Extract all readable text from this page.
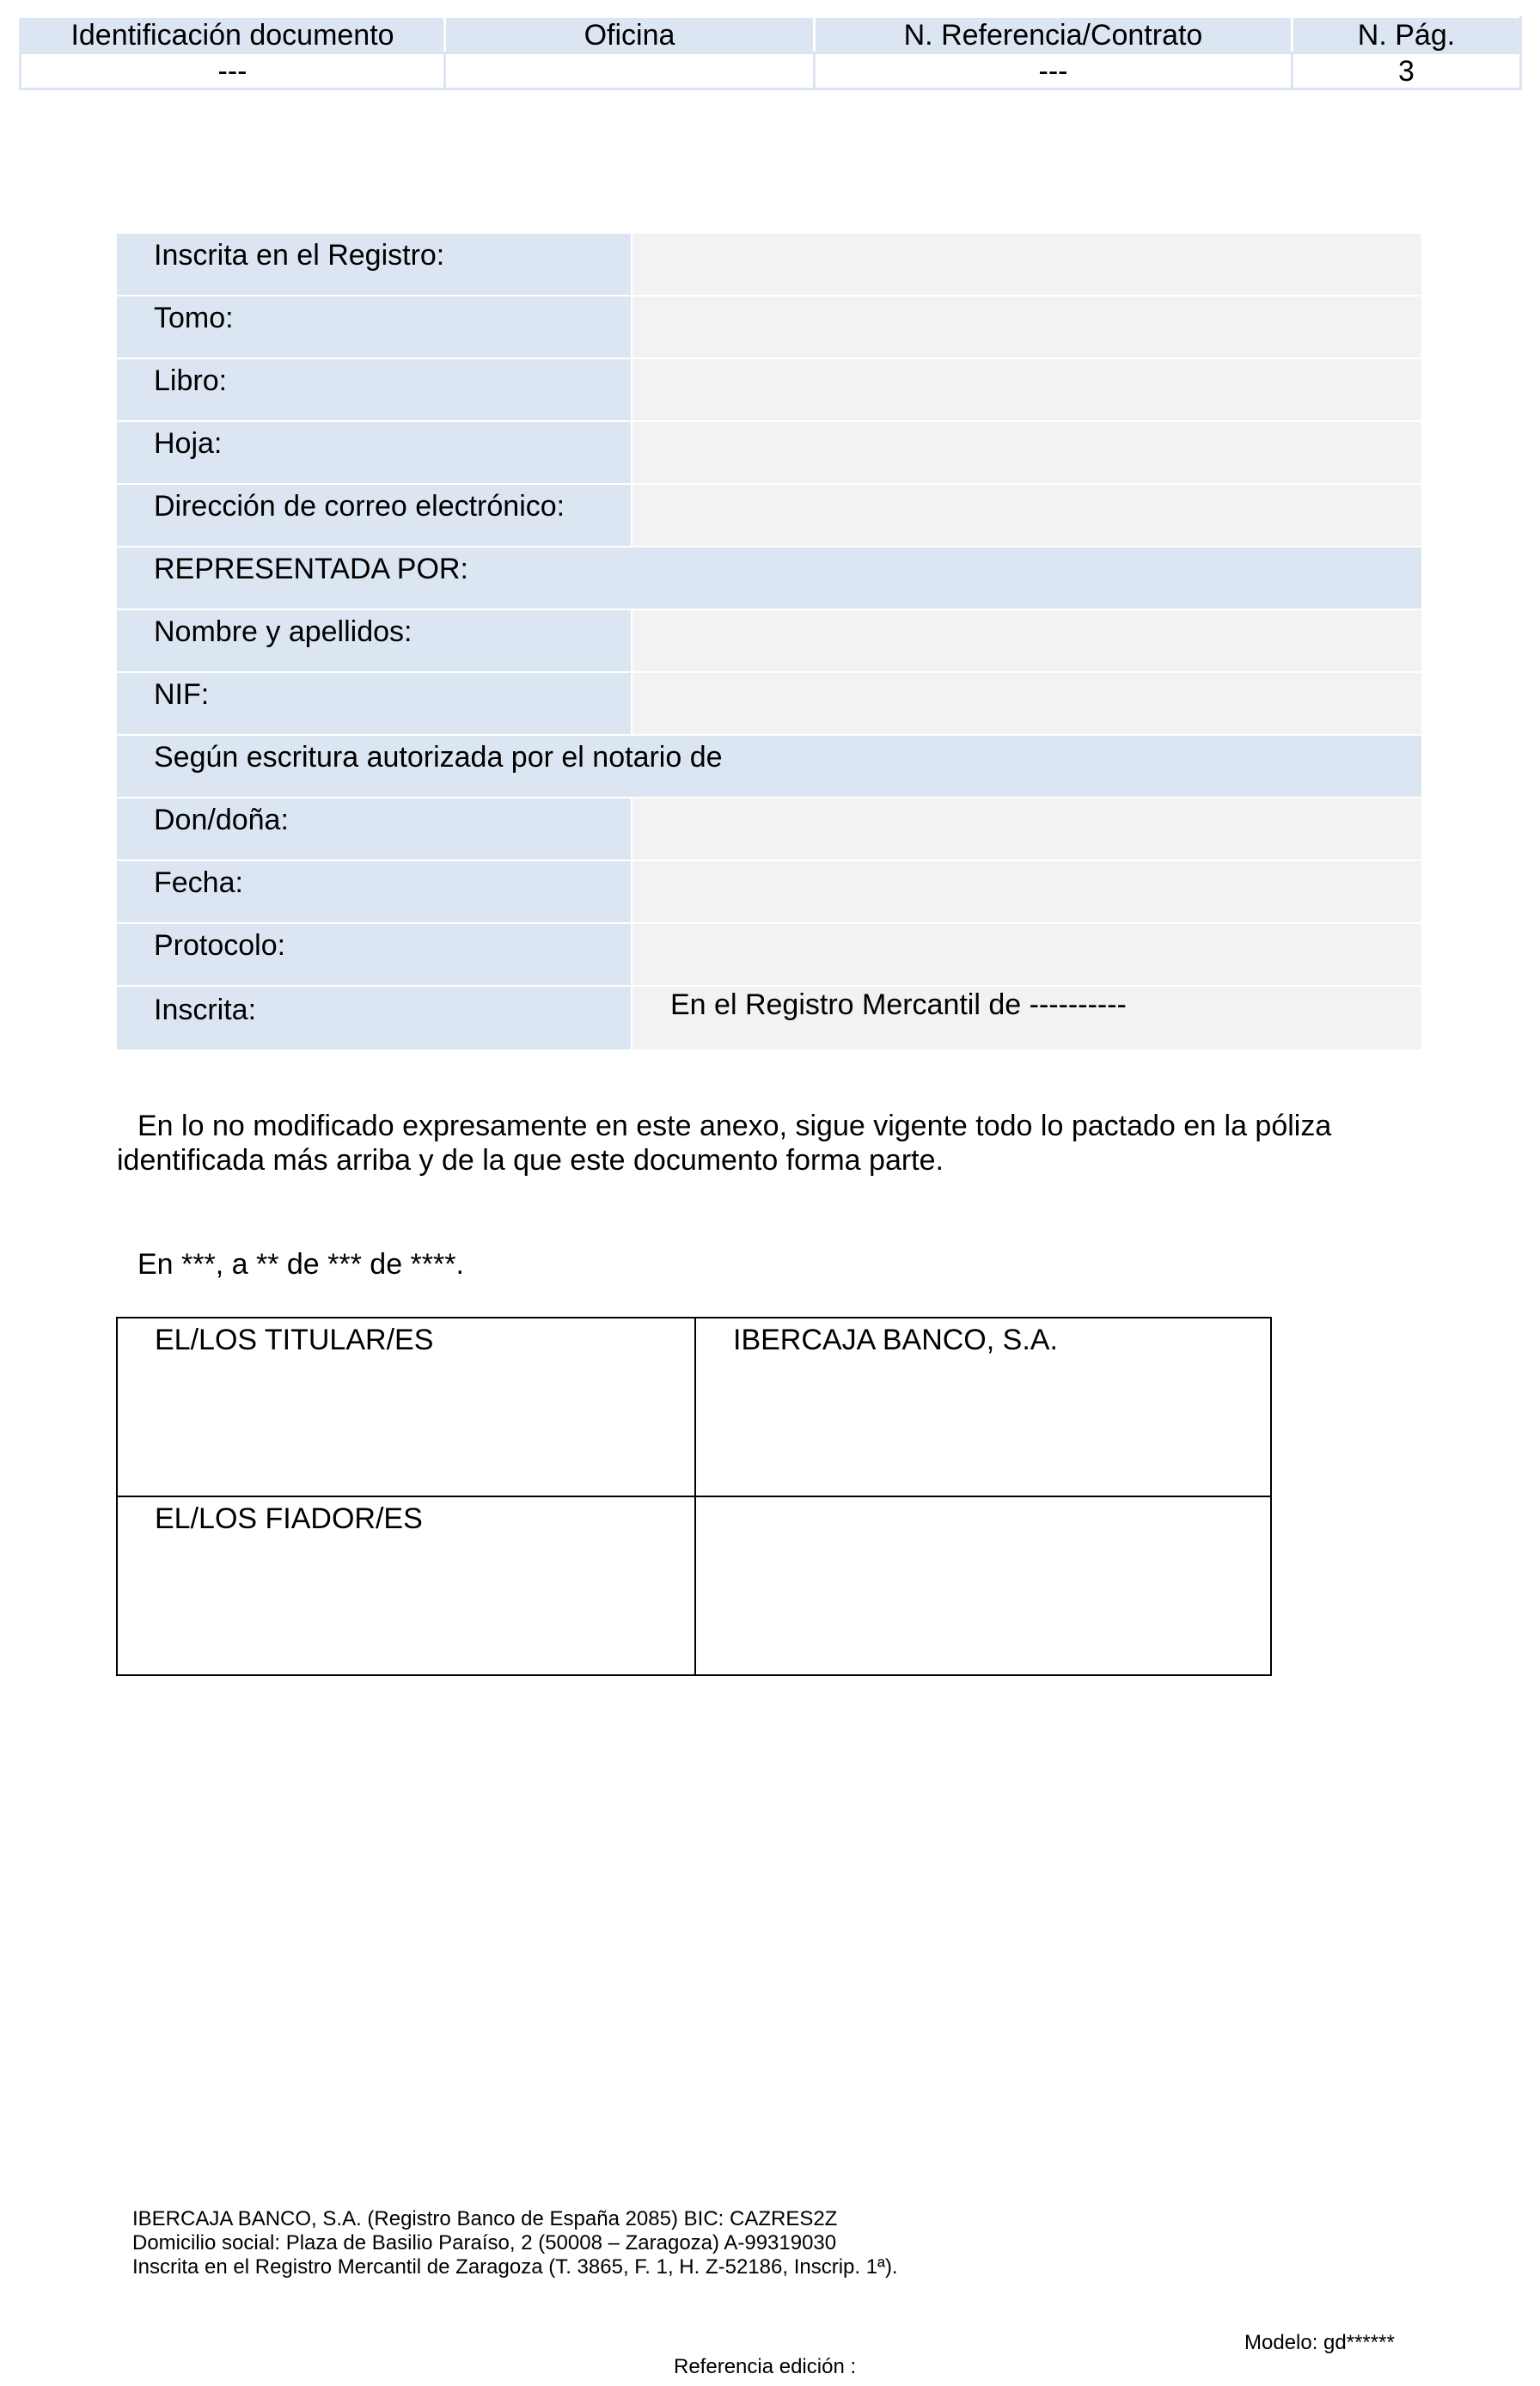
Identificación documento	Oficina	N. Referencia/Contrato	N. Pág.
---		---	3
Inscrita en el Registro:
Tomo:
Libro:
Hoja:
Dirección de correo electrónico:
REPRESENTADA POR:
Nombre y apellidos:
NIF:
Según escritura autorizada por el notario de
Don/doña:
Fecha:
Protocolo:
Inscrita:	En el Registro Mercantil de ----------
En lo no modificado expresamente en este anexo, sigue vigente todo lo pactado en la póliza
identificada más arriba y de la que este documento forma parte.
En ***, a ** de *** de ****.
EL/LOS TITULAR/ES	IBERCAJA BANCO, S.A.
EL/LOS FIADOR/ES
IBERCAJA BANCO, S.A. (Registro Banco de España 2085) BIC: CAZRES2Z
Domicilio social: Plaza de Basilio Paraíso, 2 (50008 – Zaragoza) A-99319030
Inscrita en el Registro Mercantil de Zaragoza (T. 3865, F. 1, H. Z-52186, Inscrip. 1ª).
Modelo: gd******
Referencia edición :
